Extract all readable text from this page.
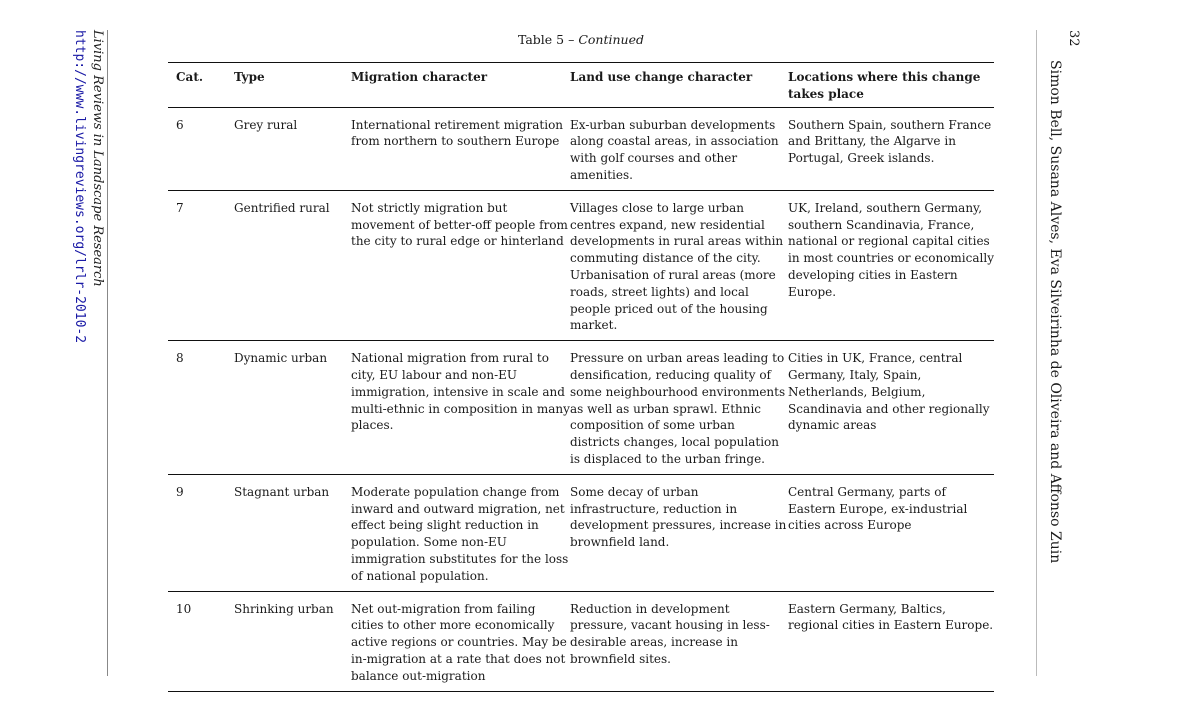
Living Reviews in Landscape Research
http://www.livingreviews.org/lrlr-2010-2	32
Simon Bell, Susana Alves, Eva Silveirinha de Oliveira and Affonso Zuin
Table 5 – Continued
Cat.	Type	Migration character	Land use change character	Locations where this change takes place
6	Grey rural	International retirement migration from northern to southern Europe	Ex-urban suburban developments along coastal areas, in association with golf courses and other amenities.	Southern Spain, southern France and Brittany, the Algarve in Portugal, Greek islands.
7	Gentrified rural	Not strictly migration but movement of better-off people from the city to rural edge or hinterland	Villages close to large urban centres expand, new residential developments in rural areas within commuting distance of the city. Urbanisation of rural areas (more roads, street lights) and local people priced out of the housing market.	UK, Ireland, southern Germany, southern Scandinavia, France, national or regional capital cities in most countries or economically developing cities in Eastern Europe.
8	Dynamic urban	National migration from rural to city, EU labour and non-EU immigration, intensive in scale and multi-ethnic in composition in many places.	Pressure on urban areas leading to densification, reducing quality of some neighbourhood environments as well as urban sprawl. Ethnic composition of some urban districts changes, local population is displaced to the urban fringe.	Cities in UK, France, central Germany, Italy, Spain, Netherlands, Belgium, Scandinavia and other regionally dynamic areas
9	Stagnant urban	Moderate population change from inward and outward migration, net effect being slight reduction in population. Some non-EU immigration substitutes for the loss of national population.	Some decay of urban infrastructure, reduction in development pressures, increase in brownfield land.	Central Germany, parts of Eastern Europe, ex-industrial cities across Europe
10	Shrinking urban	Net out-migration from failing cities to other more economically active regions or countries. May be in-migration at a rate that does not balance out-migration	Reduction in development pressure, vacant housing in less-desirable areas, increase in brownfield sites.	Eastern Germany, Baltics, regional cities in Eastern Europe.
